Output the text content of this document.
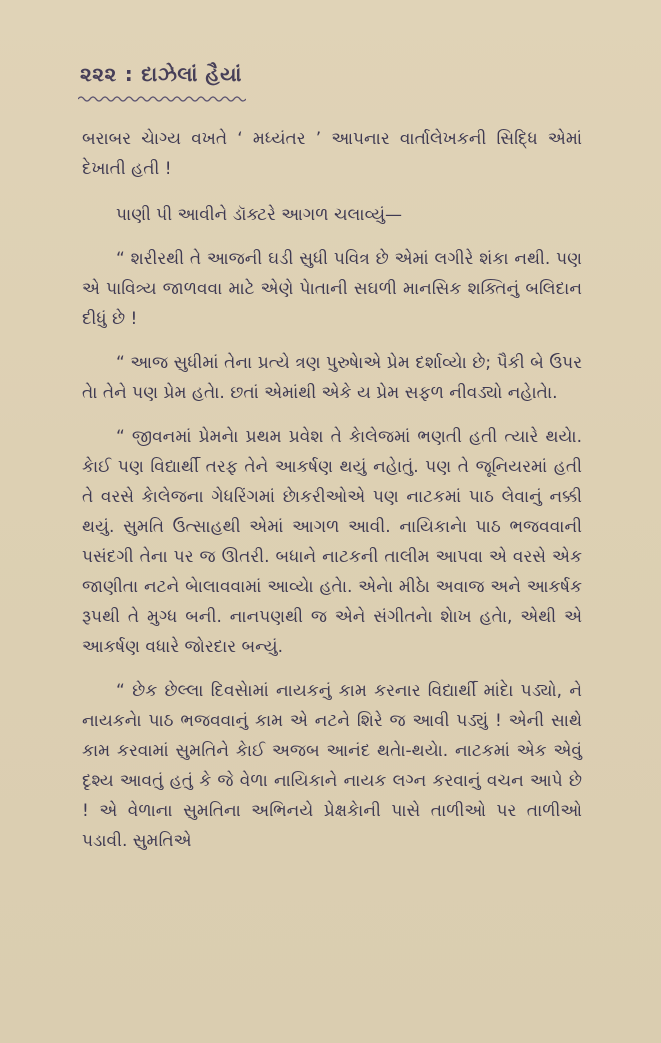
૨૨૨ : દાઝેલાં હૈયાં

બરાબર ચેાગ્ય વખતે ‘ મધ્યંતર ’ આપનાર વાર્તાલેખકની સિદ્ધિ એમાં દેખાતી હતી !

પાણી પી આવીને ડૉક્ટરે આગળ ચલાવ્યું—

“ શરીરથી તે આજની ઘડી સુધી પવિત્ર છે એમાં લગીરે શંકા નથી. પણ એ પાવિત્ર્ય જાળવવા માટે એણે પેાતાની સઘળી માનસિક શક્તિનું બલિદાન દીધું છે !

“ આજ સુધીમાં તેના પ્રત્યે ત્રણ પુરુષેાએ પ્રેમ દર્શાવ્યેા છે; પૈકી બે ઉપર તેા તેને પણ પ્રેમ હતેા. છતાં એમાંથી એકે ય પ્રેમ સફળ નીવડ્યો નહેાતેા.

“ જીવનમાં પ્રેમનેા પ્રથમ પ્રવેશ તે કેાલેજમાં ભણતી હતી ત્યારે થયેા. કેાઈ પણ વિદ્યાર્થી તરફ તેને આકર્ષણ થયું નહેાતું. પણ તે જૂનિયરમાં હતી તે વરસે કેાલેજના ગેધરિંગમાં છેાકરીઓએ પણ નાટકમાં પાઠ લેવાનું નક્કી થયું. સુમતિ ઉત્સાહથી એમાં આગળ આવી. નાયિકાનેા પાઠ ભજવવાની પસંદગી તેના પર જ ઊતરી. બધાને નાટકની તાલીમ આપવા એ વરસે એક જાણીતા નટને બેાલાવવામાં આવ્યેા હતેા. એનેા મીઠેા અવાજ અને આકર્ષક રૂપથી તે મુગ્ધ બની. નાનપણથી જ એને સંગીતનેા શેાખ હતેા, એથી એ આકર્ષણ વધારે જોરદાર બન્યું.

“ છેક છેલ્લા દિવસેામાં નાયકનું કામ કરનાર વિદ્યાર્થી માંદેા પડ્યો, ને નાયકનેા પાઠ ભજવવાનું કામ એ નટને શિરે જ આવી પડ્યું ! એની સાથે કામ કરવામાં સુમતિને કેાઈ અજબ આનંદ થતેા-થયેા. નાટકમાં એક એવું દૃશ્ય આવતું હતું કે જે વેળા નાયિકાને નાયક લગ્ન કરવાનું વચન આપે છે ! એ વેળાના સુમતિના અભિનયે પ્રેક્ષકેાની પાસે તાળીઓ પર તાળીઓ પડાવી. સુમતિએ
